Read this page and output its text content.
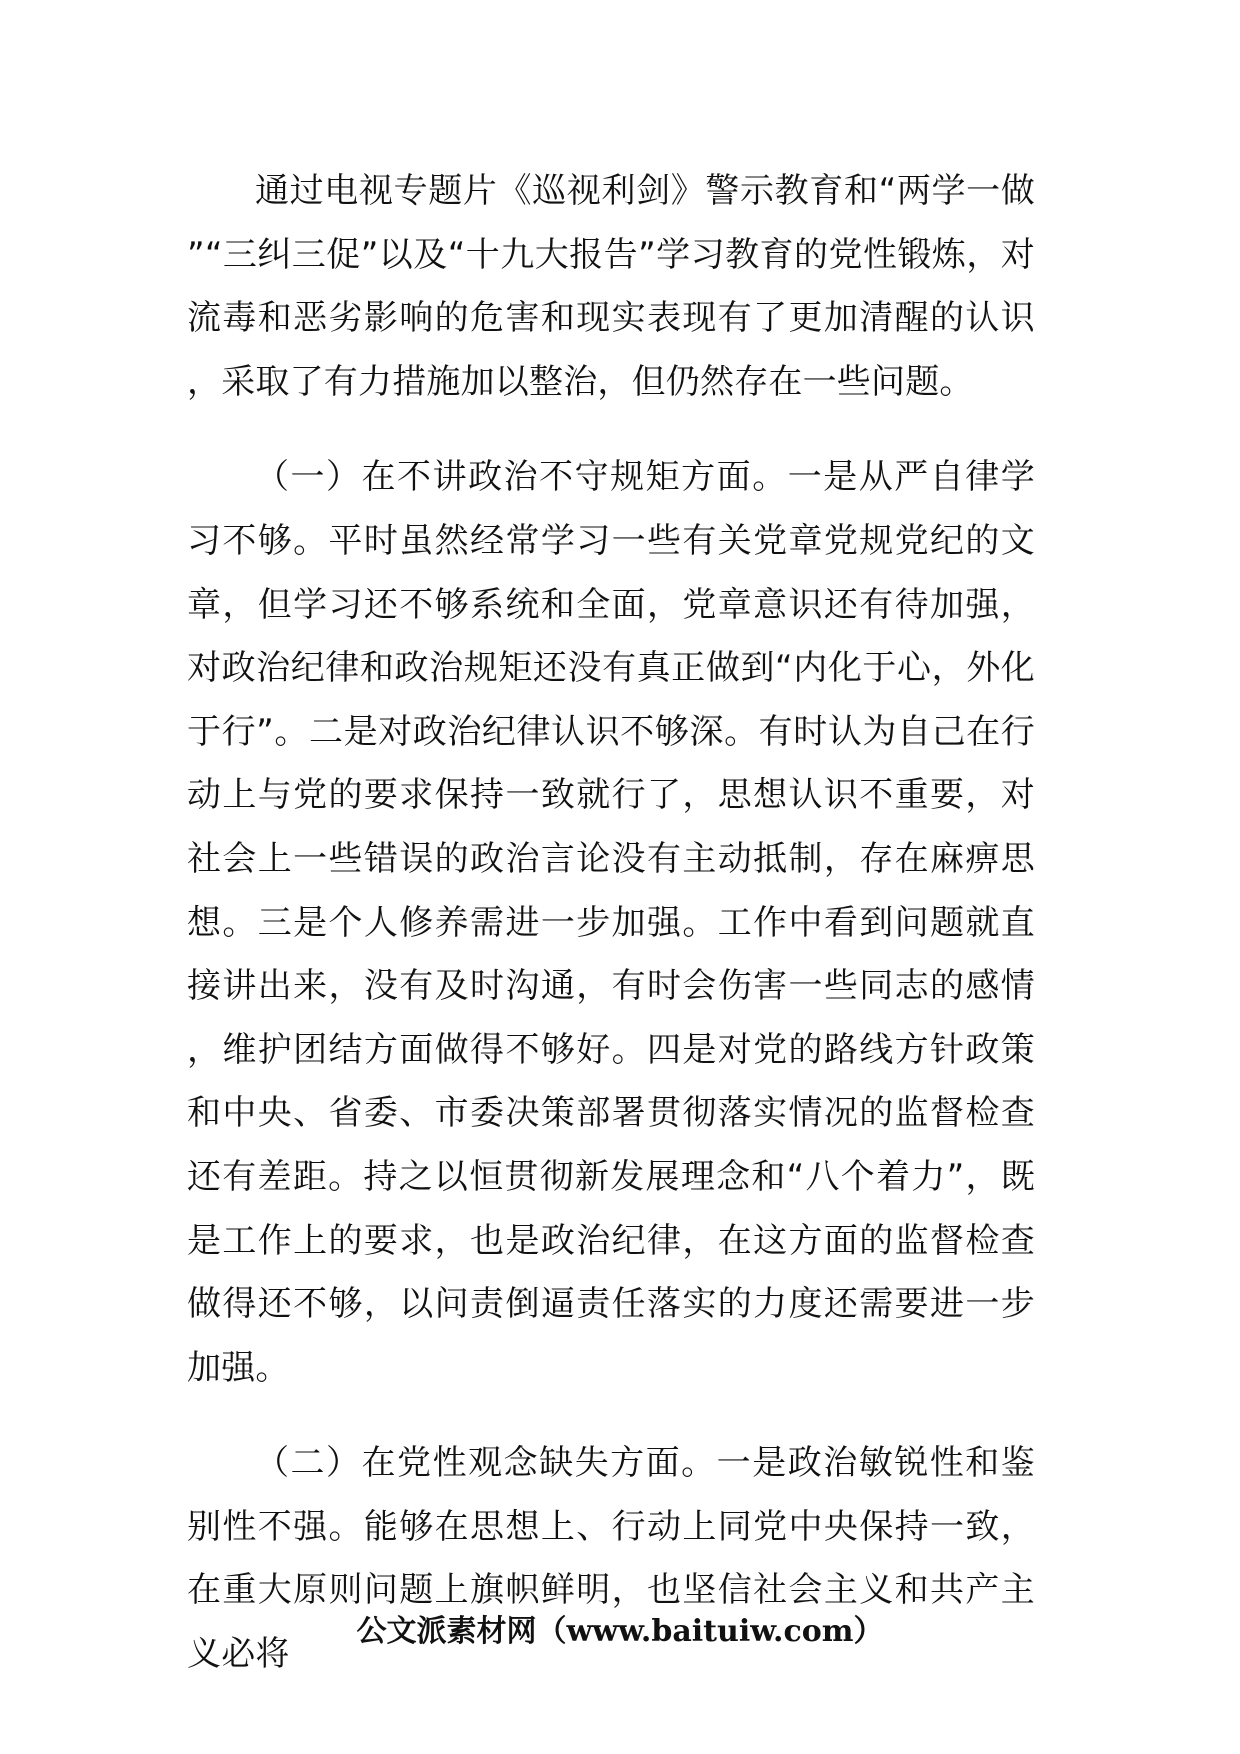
通过电视专题片《巡视利剑》警示教育和“两学一做”“三纠三促”以及“十九大报告”学习教育的党性锻炼，对流毒和恶劣影响的危害和现实表现有了更加清醒的认识，采取了有力措施加以整治，但仍然存在一些问题。

（一）在不讲政治不守规矩方面。一是从严自律学习不够。平时虽然经常学习一些有关党章党规党纪的文章，但学习还不够系统和全面，党章意识还有待加强，对政治纪律和政治规矩还没有真正做到“内化于心，外化于行”。二是对政治纪律认识不够深。有时认为自己在行动上与党的要求保持一致就行了，思想认识不重要，对社会上一些错误的政治言论没有主动抵制，存在麻痹思想。三是个人修养需进一步加强。工作中看到问题就直接讲出来，没有及时沟通，有时会伤害一些同志的感情，维护团结方面做得不够好。四是对党的路线方针政策和中央、省委、市委决策部署贯彻落实情况的监督检查还有差距。持之以恒贯彻新发展理念和“八个着力”，既是工作上的要求，也是政治纪律，在这方面的监督检查做得还不够，以问责倒逼责任落实的力度还需要进一步加强。

（二）在党性观念缺失方面。一是政治敏锐性和鉴别性不强。能够在思想上、行动上同党中央保持一致，在重大原则问题上旗帜鲜明，也坚信社会主义和共产主义必将

公文派素材网（www.baituiw.com）
